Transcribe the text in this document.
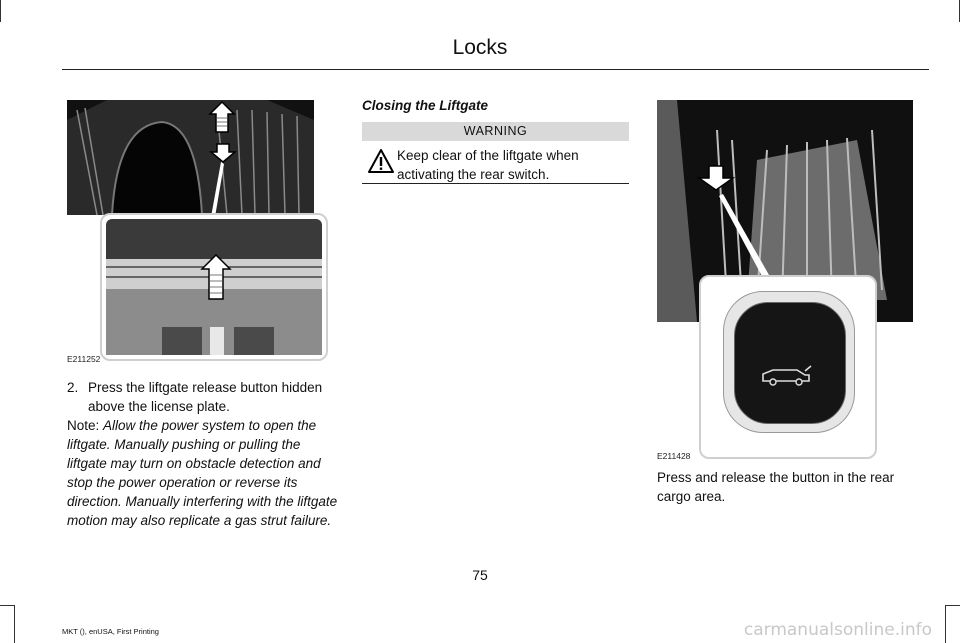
Locks
E211252
2. Press the liftgate release button hidden above the license plate.
Note: Allow the power system to open the liftgate. Manually pushing or pulling the liftgate may turn on obstacle detection and stop the power operation or reverse its direction. Manually interfering with the liftgate motion may also replicate a gas strut failure.
Closing the Liftgate
WARNING
Keep clear of the liftgate when activating the rear switch.
E211428
Press and release the button in the rear cargo area.
75
MKT (), enUSA, First Printing	carmanualsonline.info
